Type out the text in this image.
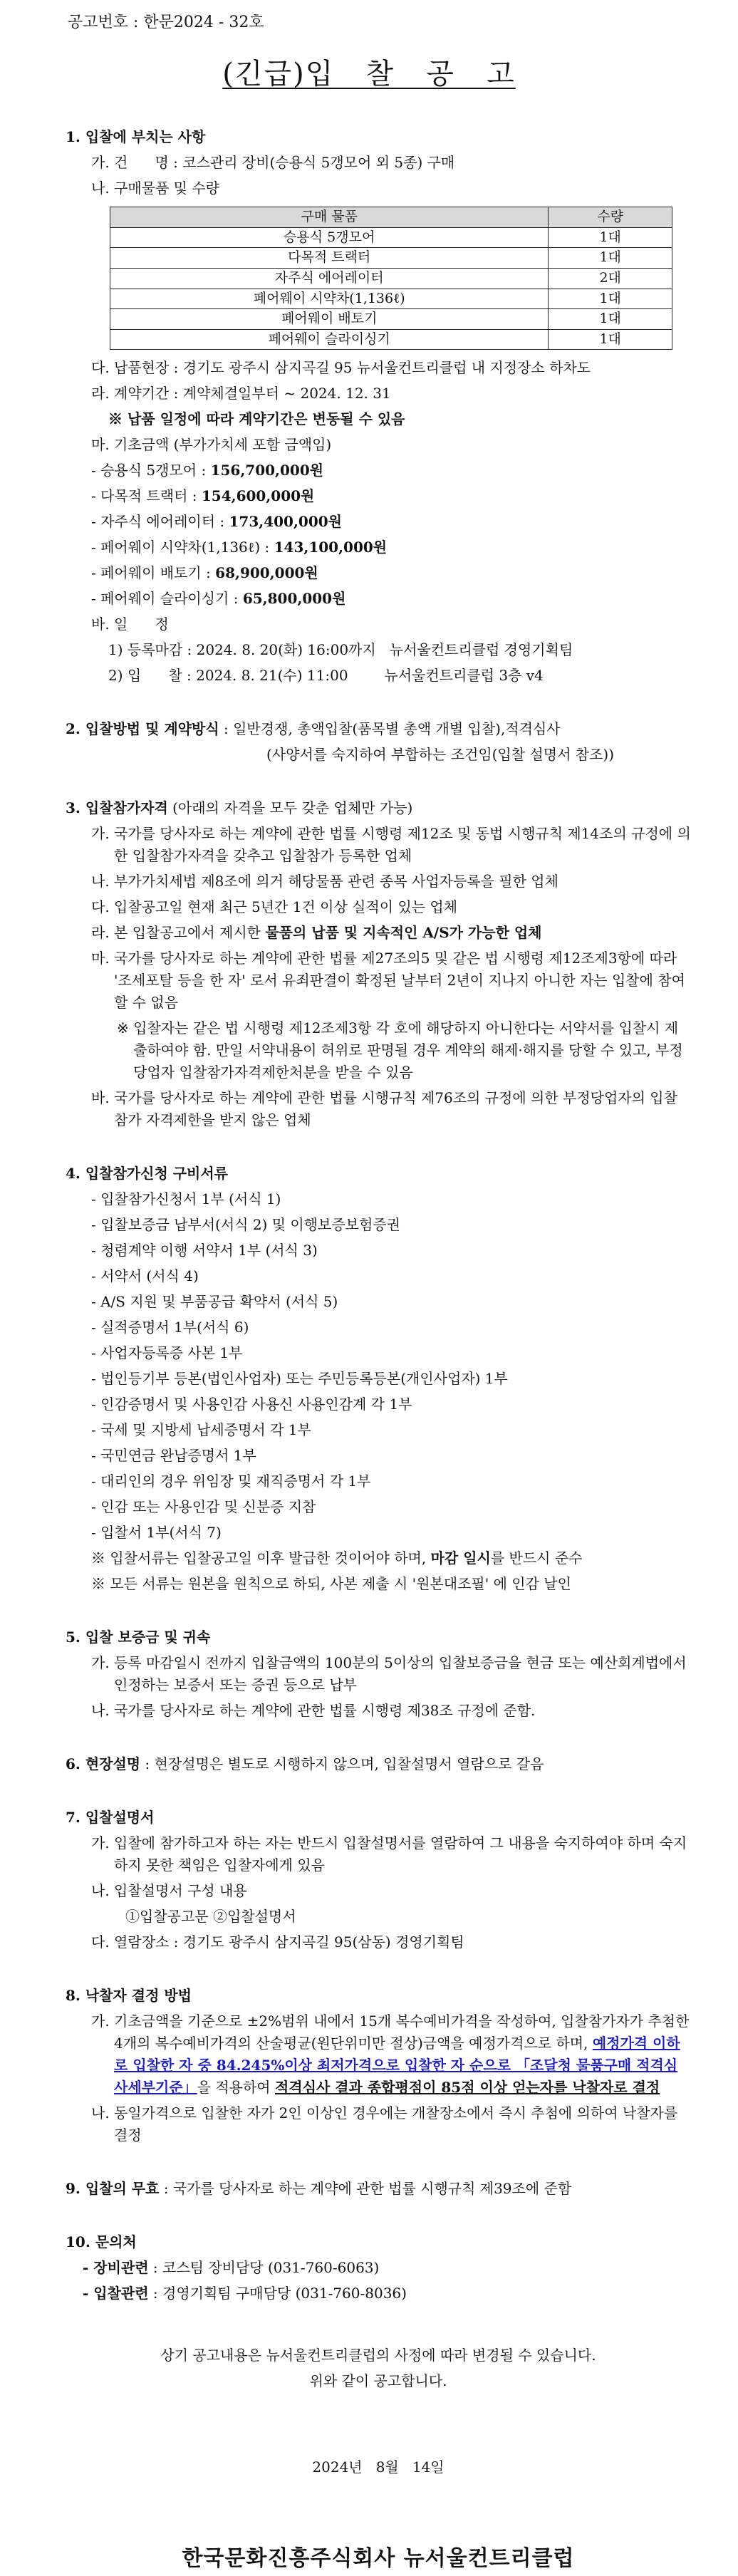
공고번호 : 한문2024 - 32호
(긴급)입   찰   공   고
1. 입찰에 부치는 사항
가. 건      명 : 코스관리 장비(승용식 5갱모어 외 5종) 구매
나. 구매물품 및 수량
구매 물품	수량
승용식 5갱모어	1대
다목적 트랙터	1대
자주식 에어레이터	2대
페어웨이 시약차(1,136ℓ)	1대
페어웨이 배토기	1대
페어웨이 슬라이싱기	1대
다. 납품현장 : 경기도 광주시 삼지곡길 95 뉴서울컨트리클럽 내 지정장소 하차도
라. 계약기간 : 계약체결일부터 ~ 2024. 12. 31
※ 납품 일정에 따라 계약기간은 변동될 수 있음
마. 기초금액 (부가가치세 포함 금액임)
- 승용식 5갱모어 : 156,700,000원
- 다목적 트랙터 : 154,600,000원
- 자주식 에어레이터 : 173,400,000원
- 페어웨이 시약차(1,136ℓ) : 143,100,000원
- 페어웨이 배토기 : 68,900,000원
- 페어웨이 슬라이싱기 : 65,800,000원
바. 일      정
1) 등록마감 : 2024. 8. 20(화) 16:00까지   뉴서울컨트리클럽 경영기획팀
2) 입      찰 : 2024. 8. 21(수) 11:00        뉴서울컨트리클럽 3층 v4
2. 입찰방법 및 계약방식 : 일반경쟁, 총액입찰(품목별 총액 개별 입찰),적격심사
(사양서를 숙지하여 부합하는 조건임(입찰 설명서 참조))
3. 입찰참가자격 (아래의 자격을 모두 갖춘 업체만 가능)
가. 국가를 당사자로 하는 계약에 관한 법률 시행령 제12조 및 동법 시행규칙 제14조의 규정에 의한 입찰참가자격을 갖추고 입찰참가 등록한 업체
나. 부가가치세법 제8조에 의거 해당물품 관련 종목 사업자등록을 필한 업체
다. 입찰공고일 현재 최근 5년간 1건 이상 실적이 있는 업체
라. 본 입찰공고에서 제시한 물품의 납품 및 지속적인 A/S가 가능한 업체
마. 국가를 당사자로 하는 계약에 관한 법률 제27조의5 및 같은 법 시행령 제12조제3항에 따라 '조세포탈 등을 한 자' 로서 유죄판결이 확정된 날부터 2년이 지나지 아니한 자는 입찰에 참여할 수 없음
※ 입찰자는 같은 법 시행령 제12조제3항 각 호에 해당하지 아니한다는 서약서를 입찰시 제출하여야 함. 만일 서약내용이 허위로 판명될 경우 계약의 해제·해지를 당할 수 있고, 부정당업자 입찰참가자격제한처분을 받을 수 있음
바. 국가를 당사자로 하는 계약에 관한 법률 시행규칙 제76조의 규정에 의한 부정당업자의 입찰 참가 자격제한을 받지 않은 업체
4. 입찰참가신청 구비서류
- 입찰참가신청서 1부 (서식 1)
- 입찰보증금 납부서(서식 2) 및 이행보증보험증권
- 청렴계약 이행 서약서 1부 (서식 3)
- 서약서 (서식 4)
- A/S 지원 및 부품공급 확약서 (서식 5)
- 실적증명서 1부(서식 6)
- 사업자등록증 사본 1부
- 법인등기부 등본(법인사업자) 또는 주민등록등본(개인사업자) 1부
- 인감증명서 및 사용인감 사용신 사용인감계 각 1부
- 국세 및 지방세 납세증명서 각 1부
- 국민연금 완납증명서 1부
- 대리인의 경우 위임장 및 재직증명서 각 1부
- 인감 또는 사용인감 및 신분증 지참
- 입찰서 1부(서식 7)
※ 입찰서류는 입찰공고일 이후 발급한 것이어야 하며, 마감 일시를 반드시 준수
※ 모든 서류는 원본을 원칙으로 하되, 사본 제출 시 '원본대조필' 에 인감 날인
5. 입찰 보증금 및 귀속
가. 등록 마감일시 전까지 입찰금액의 100분의 5이상의 입찰보증금을 현금 또는 예산회계법에서 인정하는 보증서 또는 증권 등으로 납부
나. 국가를 당사자로 하는 계약에 관한 법률 시행령 제38조 규정에 준함.
6. 현장설명 : 현장설명은 별도로 시행하지 않으며, 입찰설명서 열람으로 갈음
7. 입찰설명서
가. 입찰에 참가하고자 하는 자는 반드시 입찰설명서를 열람하여 그 내용을 숙지하여야 하며 숙지하지 못한 책임은 입찰자에게 있음
나. 입찰설명서 구성 내용
①입찰공고문 ②입찰설명서
다. 열람장소 : 경기도 광주시 삼지곡길 95(삼동) 경영기획팀
8. 낙찰자 결정 방법
가. 기초금액을 기준으로 ±2%범위 내에서 15개 복수예비가격을 작성하여, 입찰참가자가 추첨한 4개의 복수예비가격의 산술평균(원단위미만 절상)금액을 예정가격으로 하며, 예정가격 이하로 입찰한 자 중 84.245%이상 최저가격으로 입찰한 자 순으로 「조달청 물품구매 적격심사세부기준」을 적용하여 적격심사 결과 종합평점이 85점 이상 얻는자를 낙찰자로 결정
나. 동일가격으로 입찰한 자가 2인 이상인 경우에는 개찰장소에서 즉시 추첨에 의하여 낙찰자를 결정
9. 입찰의 무효 : 국가를 당사자로 하는 계약에 관한 법률 시행규칙 제39조에 준함
10. 문의처
- 장비관련 : 코스팀 장비담당 (031-760-6063)
- 입찰관련 : 경영기획팀 구매담당 (031-760-8036)
상기 공고내용은 뉴서울컨트리클럽의 사정에 따라 변경될 수 있습니다.
위와 같이 공고합니다.
2024년   8월   14일
한국문화진흥주식회사 뉴서울컨트리클럽
